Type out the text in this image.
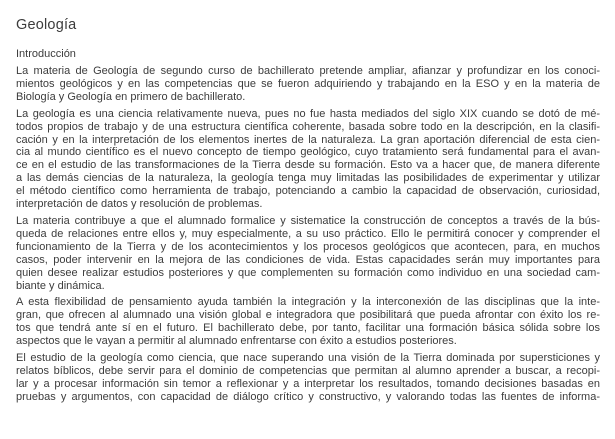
Geología
Introducción
La materia de Geología de segundo curso de bachillerato pretende ampliar, afianzar y profundizar en los conoci-
mientos geológicos y en las competencias que se fueron adquiriendo y trabajando en la ESO y en la materia de
Biología y Geología en primero de bachillerato.
La geología es una ciencia relativamente nueva, pues no fue hasta mediados del siglo XIX cuando se dotó de mé-
todos propios de trabajo y de una estructura científica coherente, basada sobre todo en la descripción, en la clasifi-
cación y en la interpretación de los elementos inertes de la naturaleza. La gran aportación diferencial de esta cien-
cia al mundo científico es el nuevo concepto de tiempo geológico, cuyo tratamiento será fundamental para el avan-
ce en el estudio de las transformaciones de la Tierra desde su formación. Esto va a hacer que, de manera diferente
a las demás ciencias de la naturaleza, la geología tenga muy limitadas las posibilidades de experimentar y utilizar
el método científico como herramienta de trabajo, potenciando a cambio la capacidad de observación, curiosidad,
interpretación de datos y resolución de problemas.
La materia contribuye a que el alumnado formalice y sistematice la construcción de conceptos a través de la bús-
queda de relaciones entre ellos y, muy especialmente, a su uso práctico. Ello le permitirá conocer y comprender el
funcionamiento de la Tierra y de los acontecimientos y los procesos geológicos que acontecen, para, en muchos
casos, poder intervenir en la mejora de las condiciones de vida. Estas capacidades serán muy importantes para
quien desee realizar estudios posteriores y que complementen su formación como individuo en una sociedad cam-
biante y dinámica.
A esta flexibilidad de pensamiento ayuda también la integración y la interconexión de las disciplinas que la inte-
gran, que ofrecen al alumnado una visión global e integradora que posibilitará que pueda afrontar con éxito los re-
tos que tendrá ante sí en el futuro. El bachillerato debe, por tanto, facilitar una formación básica sólida sobre los
aspectos que le vayan a permitir al alumnado enfrentarse con éxito a estudios posteriores.
El estudio de la geología como ciencia, que nace superando una visión de la Tierra dominada por supersticiones y
relatos bíblicos, debe servir para el dominio de competencias que permitan al alumno aprender a buscar, a recopi-
lar y a procesar información sin temor a reflexionar y a interpretar los resultados, tomando decisiones basadas en
pruebas y argumentos, con capacidad de diálogo crítico y constructivo, y valorando todas las fuentes de informa-
